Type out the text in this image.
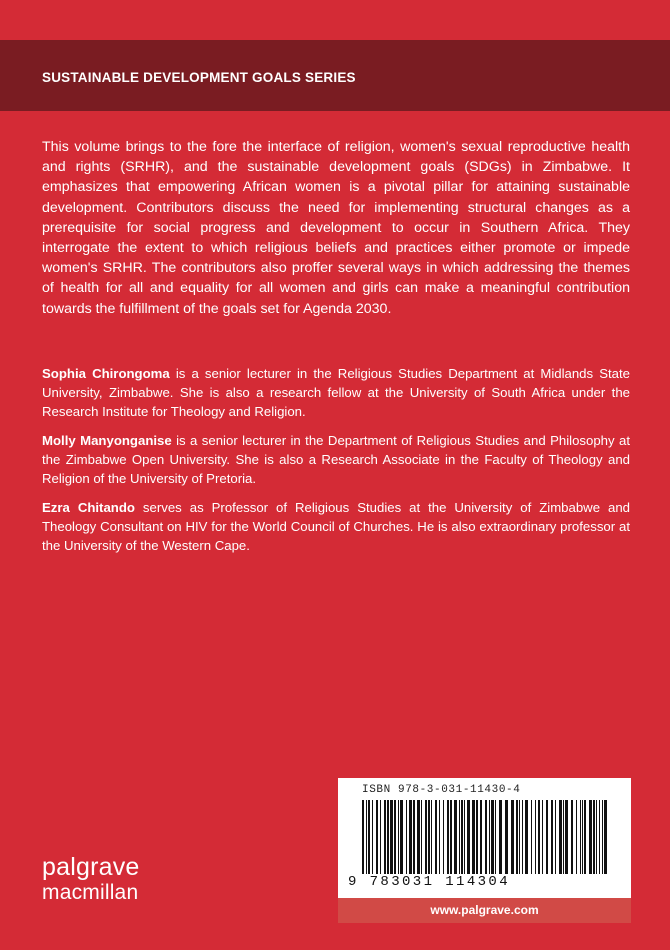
SUSTAINABLE DEVELOPMENT GOALS SERIES

This volume brings to the fore the interface of religion, women's sexual reproductive health and rights (SRHR), and the sustainable development goals (SDGs) in Zimbabwe. It emphasizes that empowering African women is a pivotal pillar for attaining sustainable development. Contributors discuss the need for implementing structural changes as a prerequisite for social progress and development to occur in Southern Africa. They interrogate the extent to which religious beliefs and practices either promote or impede women's SRHR. The contributors also proffer several ways in which addressing the themes of health for all and equality for all women and girls can make a meaningful contribution towards the fulfillment of the goals set for Agenda 2030.

Sophia Chirongoma is a senior lecturer in the Religious Studies Department at Midlands State University, Zimbabwe. She is also a research fellow at the University of South Africa under the Research Institute for Theology and Religion.

Molly Manyonganise is a senior lecturer in the Department of Religious Studies and Philosophy at the Zimbabwe Open University. She is also a Research Associate in the Faculty of Theology and Religion of the University of Pretoria.

Ezra Chitando serves as Professor of Religious Studies at the University of Zimbabwe and Theology Consultant on HIV for the World Council of Churches. He is also extraordinary professor at the University of the Western Cape.

ISBN 978-3-031-11430-4
9 783031 114304
www.palgrave.com
palgrave
macmillan
